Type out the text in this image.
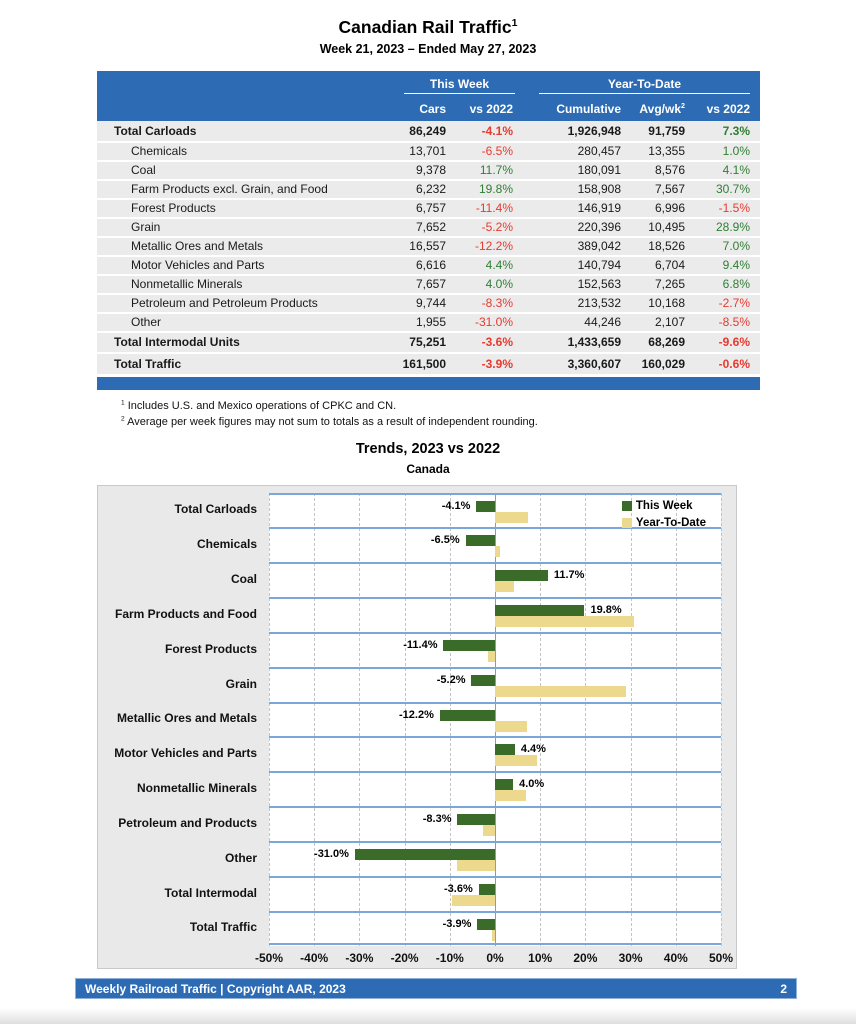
Canadian Rail Traffic$^1$
Week 21, 2023 – Ended May 27, 2023
This Week	Year-To-Date
Cars	vs 2022	Cumulative	Avg/$wk^2$	vs 2022
Total Carloads	86,249	-4.1%	1,926,948	91,759	7.3%
Chemicals	13,701	-6.5%	280,457	13,355	1.0%
Coal	9,378	11.7%	180,091	8,576	4.1%
Farm Products excl. Grain, and Food	6,232	19.8%	158,908	7,567	30.7%
Forest Products	6,757	-11.4%	146,919	6,996	-1.5%
Grain	7,652	-5.2%	220,396	10,495	28.9%
Metallic Ores and Metals	16,557	-12.2%	389,042	18,526	7.0%
Motor Vehicles and Parts	6,616	4.4%	140,794	6,704	9.4%
Nonmetallic Minerals	7,657	4.0%	152,563	7,265	6.8%
Petroleum and Petroleum Products	9,744	-8.3%	213,532	10,168	-2.7%
Other	1,955	-31.0%	44,246	2,107	-8.5%
Total Intermodal Units	75,251	-3.6%	1,433,659	68,269	-9.6%
Total Traffic	161,500	-3.9%	3,360,607	160,029	-0.6%
$^1$ Includes U.S. and Mexico operations of CPKC and CN.
$^2$ Average per week figures may not sum to totals as a result of independent rounding.
Trends, 2023 vs 2022
Canada
Total Carloads	-4.1%
Chemicals	-6.5%
Coal	11.7%
Farm Products and Food	19.8%
Forest Products	-11.4%
Grain	-5.2%
Metallic Ores and Metals	-12.2%
Motor Vehicles and Parts	4.4%
Nonmetallic Minerals	4.0%
Petroleum and Products	-8.3%
Other	-31.0%
Total Intermodal	-3.6%
Total Traffic	-3.9%
-50% -40% -30% -20% -10% 0% 10% 20% 30% 40% 50%
This Week
Year-To-Date
Weekly Railroad Traffic | Copyright AAR, 2023	2
